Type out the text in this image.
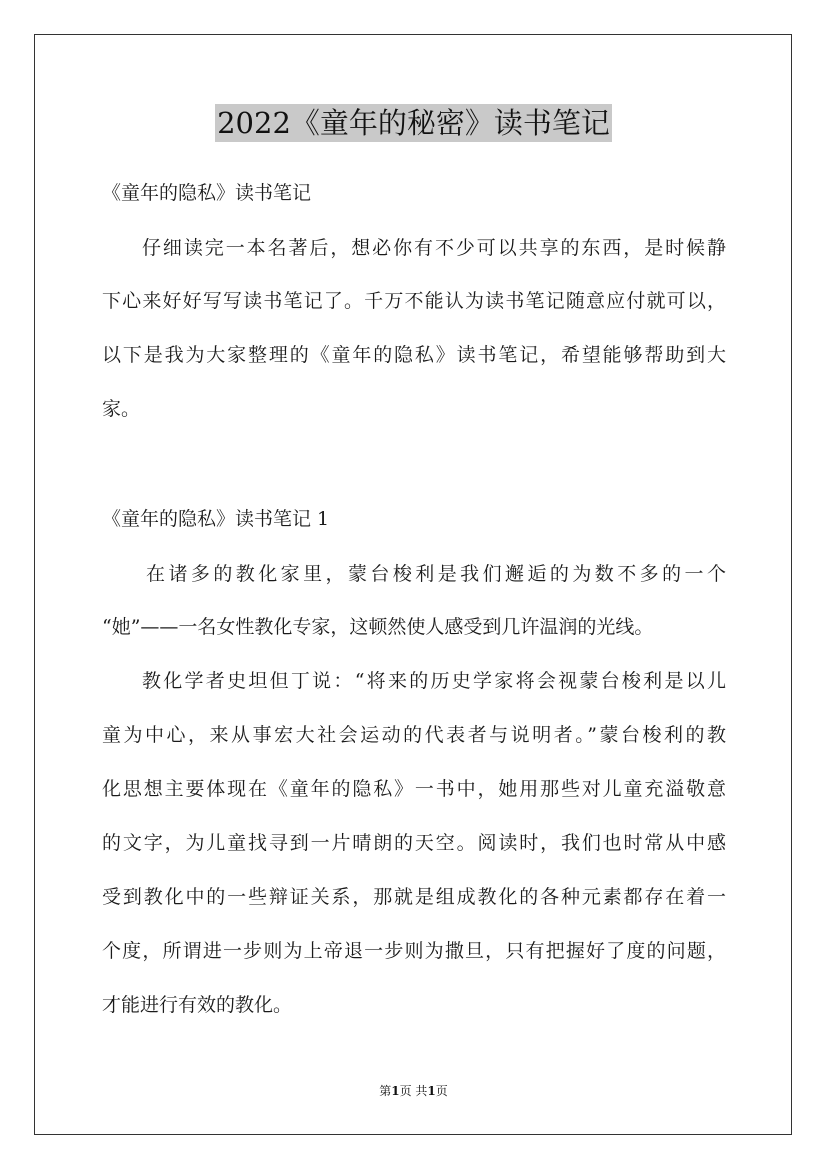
2022《童年的秘密》读书笔记
《童年的隐私》读书笔记
仔细读完一本名著后，想必你有不少可以共享的东西，是时候静
下心来好好写写读书笔记了。千万不能认为读书笔记随意应付就可以，
以下是我为大家整理的《童年的隐私》读书笔记，希望能够帮助到大
家。
《童年的隐私》读书笔记 1
在诸多的教化家里，蒙台梭利是我们邂逅的为数不多的一个
“她”——一名女性教化专家，这顿然使人感受到几许温润的光线。
教化学者史坦但丁说：“将来的历史学家将会视蒙台梭利是以儿
童为中心，来从事宏大社会运动的代表者与说明者。”蒙台梭利的教
化思想主要体现在《童年的隐私》一书中，她用那些对儿童充溢敬意
的文字，为儿童找寻到一片晴朗的天空。阅读时，我们也时常从中感
受到教化中的一些辩证关系，那就是组成教化的各种元素都存在着一
个度，所谓进一步则为上帝退一步则为撒旦，只有把握好了度的问题，
才能进行有效的教化。
第1页 共1页
